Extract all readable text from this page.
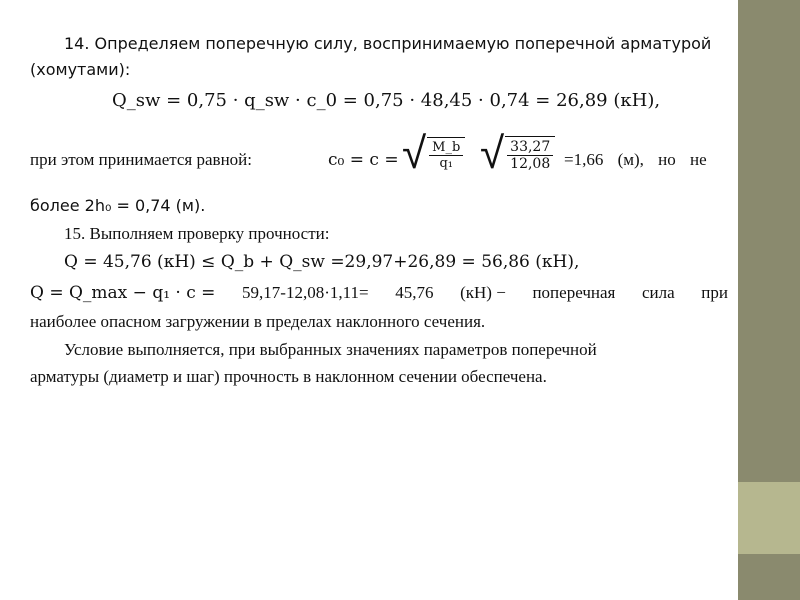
14. Определяем поперечную силу, воспринимаемую поперечной арматурой
(хомутами):
Q_sw = 0,75 · q_sw · c_0 = 0,75 · 48,45 · 0,74 = 26,89 (кН),
при этом принимается равной:	c₀ = c = √ $\frac{M\_b}{\text{q₁}}$ √ $\frac{33,27}{12,08} =1,66$ (м), но не
более 2h₀ = 0,74 (м).
15. Выполняем проверку прочности:
Q = 45,76 (кН) ≤ Q_b + Q_sw =29,97+26,89 = 56,86 (кН),
Q = Q_max − q₁ · c = 59,17-12,08·1,11= 45,76 (кН) − поперечная сила при
наиболее опасном загружении в пределах наклонного сечения.
Условие выполняется, при выбранных значениях параметров поперечной
арматуры (диаметр и шаг) прочность в наклонном сечении обеспечена.
